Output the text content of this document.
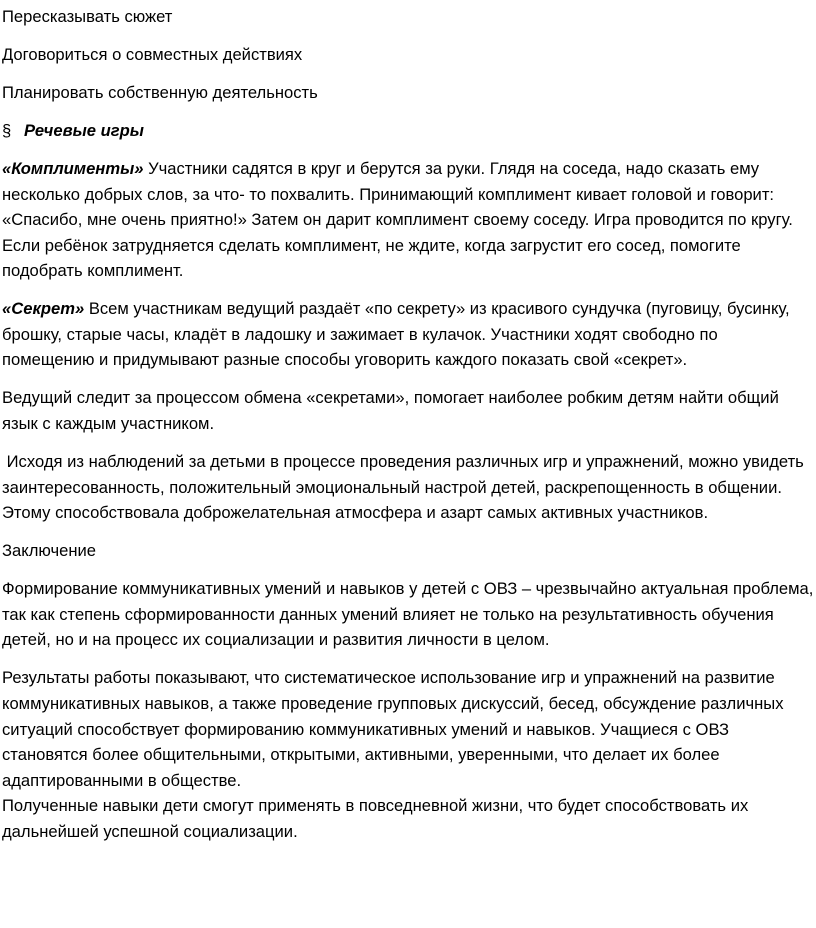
Пересказывать сюжет

Договориться о совместных действиях

Планировать собственную деятельность

§ Речевые игры

«Комплименты» Участники садятся в круг и берутся за руки. Глядя на соседа, надо сказать ему несколько добрых слов, за что- то похвалить. Принимающий комплимент кивает головой и говорит: «Спасибо, мне очень приятно!» Затем он дарит комплимент своему соседу. Игра проводится по кругу. Если ребёнок затрудняется сделать комплимент, не ждите, когда загрустит его сосед, помогите подобрать комплимент.

«Секрет» Всем участникам ведущий раздаёт «по секрету» из красивого сундучка (пуговицу, бусинку, брошку, старые часы, кладёт в ладошку и зажимает в кулачок. Участники ходят свободно по помещению и придумывают разные способы уговорить каждого показать свой «секрет».

Ведущий следит за процессом обмена «секретами», помогает наиболее робким детям найти общий язык с каждым участником.

Исходя из наблюдений за детьми в процессе проведения различных игр и упражнений, можно увидеть заинтересованность, положительный эмоциональный настрой детей, раскрепощенность в общении. Этому способствовала доброжелательная атмосфера и азарт самых активных участников.

Заключение

Формирование коммуникативных умений и навыков у детей с ОВЗ – чрезвычайно актуальная проблема, так как степень сформированности данных умений влияет не только на результативность обучения детей, но и на процесс их социализации и развития личности в целом.

Результаты работы показывают, что систематическое использование игр и упражнений на развитие коммуникативных навыков, а также проведение групповых дискуссий, бесед, обсуждение различных ситуаций способствует формированию коммуникативных умений и навыков. Учащиеся с ОВЗ становятся более общительными, открытыми, активными, уверенными, что делает их более адаптированными в обществе.

Полученные навыки дети смогут применять в повседневной жизни, что будет способствовать их дальнейшей успешной социализации.
